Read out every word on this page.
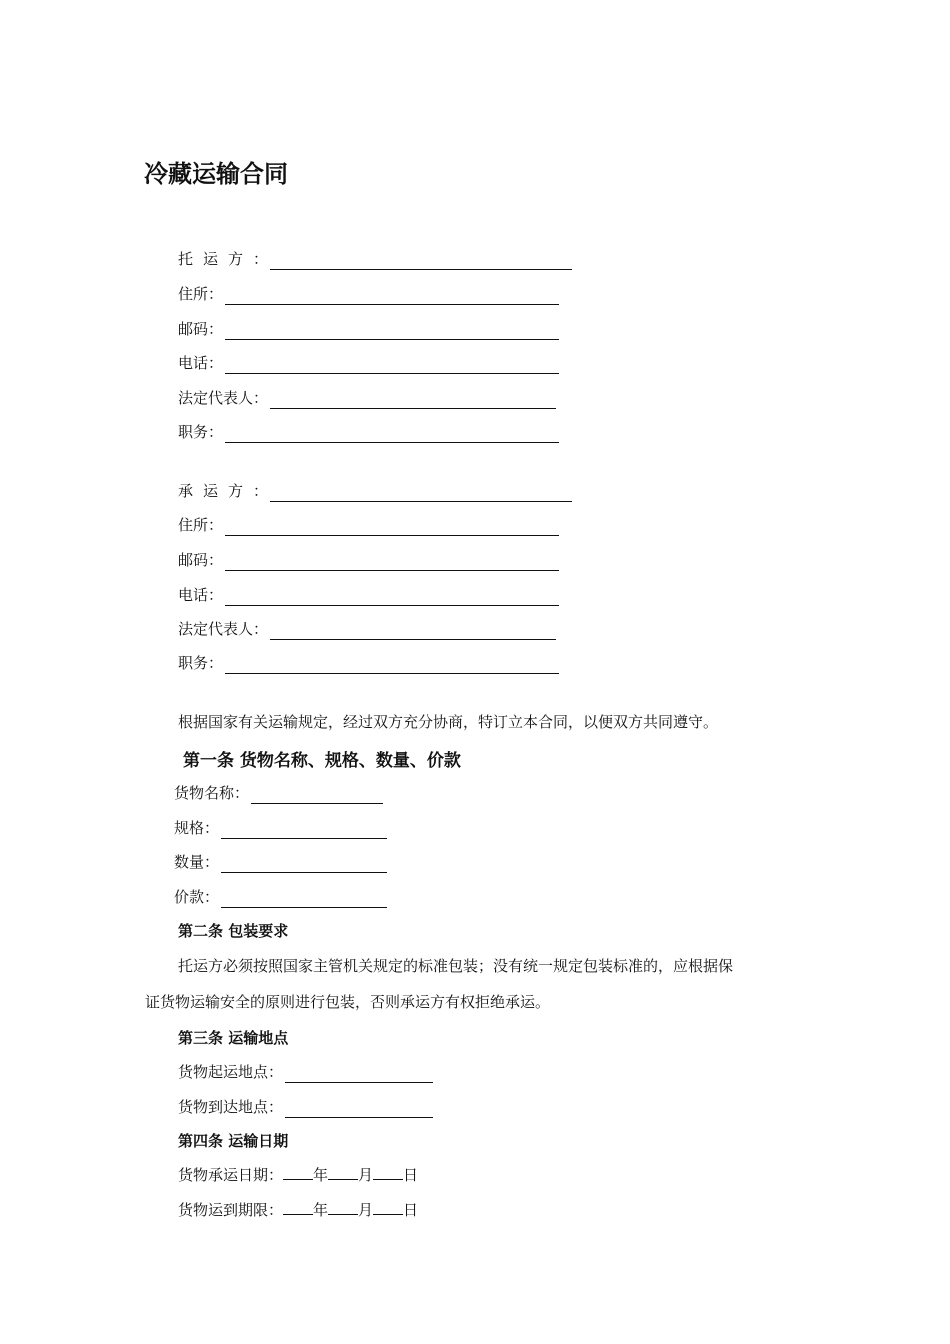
冷藏运输合同
托运方：
住所：
邮码：
电话：
法定代表人：
职务：
承运方：
住所：
邮码：
电话：
法定代表人：
职务：
根据国家有关运输规定，经过双方充分协商，特订立本合同，以便双方共同遵守。
第一条 货物名称、规格、数量、价款
货物名称：
规格：
数量：
价款：
第二条 包装要求
托运方必须按照国家主管机关规定的标准包装；没有统一规定包装标准的，应根据保
证货物运输安全的原则进行包装，否则承运方有权拒绝承运。
第三条 运输地点
货物起运地点：
货物到达地点：
第四条 运输日期
货物承运日期： 年 月 日
货物运到期限： 年 月 日
